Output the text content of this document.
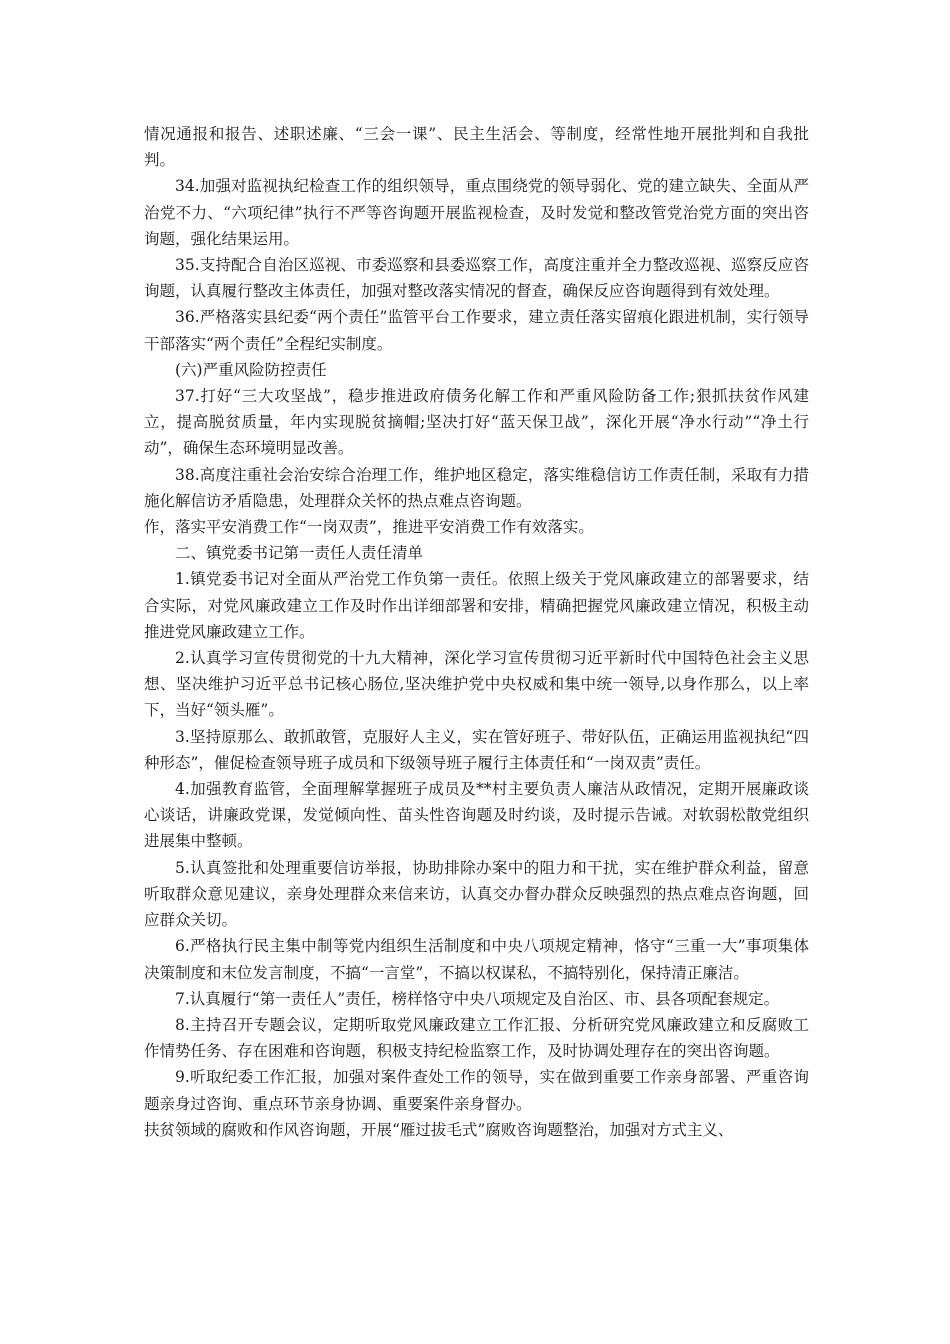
情况通报和报告、述职述廉、“三会一课”、民主生活会、等制度，经常性地开展批判和自我批判。

34.加强对监视执纪检查工作的组织领导，重点围绕党的领导弱化、党的建立缺失、全面从严治党不力、“六项纪律”执行不严等咨询题开展监视检查，及时发觉和整改管党治党方面的突出咨询题，强化结果运用。

35.支持配合自治区巡视、市委巡察和县委巡察工作，高度注重并全力整改巡视、巡察反应咨询题，认真履行整改主体责任，加强对整改落实情况的督查，确保反应咨询题得到有效处理。

36.严格落实县纪委“两个责任”监管平台工作要求，建立责任落实留痕化跟进机制，实行领导干部落实“两个责任”全程纪实制度。

(六)严重风险防控责任

37.打好“三大攻坚战”，稳步推进政府债务化解工作和严重风险防备工作;狠抓扶贫作风建立，提高脱贫质量，年内实现脱贫摘帽;坚决打好“蓝天保卫战”，深化开展“净水行动”“净土行动”，确保生态环境明显改善。

38.高度注重社会治安综合治理工作，维护地区稳定，落实维稳信访工作责任制，采取有力措施化解信访矛盾隐患，处理群众关怀的热点难点咨询题。

作，落实平安消费工作“一岗双责”，推进平安消费工作有效落实。

二、镇党委书记第一责任人责任清单

1.镇党委书记对全面从严治党工作负第一责任。依照上级关于党风廉政建立的部署要求，结合实际，对党风廉政建立工作及时作出详细部署和安排，精确把握党风廉政建立情况，积极主动推进党风廉政建立工作。

2.认真学习宣传贯彻党的十九大精神，深化学习宣传贯彻习近平新时代中国特色社会主义思想、坚决维护习近平总书记核心肠位,坚决维护党中央权威和集中统一领导,以身作那么，以上率下，当好“领头雁”。

3.坚持原那么、敢抓敢管，克服好人主义，实在管好班子、带好队伍，正确运用监视执纪“四种形态”，催促检查领导班子成员和下级领导班子履行主体责任和“一岗双责”责任。

4.加强教育监管，全面理解掌握班子成员及**村主要负责人廉洁从政情况，定期开展廉政谈心谈话，讲廉政党课，发觉倾向性、苗头性咨询题及时约谈，及时提示告诫。对软弱松散党组织进展集中整顿。

5.认真签批和处理重要信访举报，协助排除办案中的阻力和干扰，实在维护群众利益，留意听取群众意见建议，亲身处理群众来信来访，认真交办督办群众反映强烈的热点难点咨询题，回应群众关切。

6.严格执行民主集中制等党内组织生活制度和中央八项规定精神，恪守“三重一大”事项集体决策制度和末位发言制度，不搞“一言堂”，不搞以权谋私，不搞特别化，保持清正廉洁。

7.认真履行“第一责任人”责任，榜样恪守中央八项规定及自治区、市、县各项配套规定。

8.主持召开专题会议，定期听取党风廉政建立工作汇报、分析研究党风廉政建立和反腐败工作情势任务、存在困难和咨询题，积极支持纪检监察工作，及时协调处理存在的突出咨询题。

9.听取纪委工作汇报，加强对案件查处工作的领导，实在做到重要工作亲身部署、严重咨询题亲身过咨询、重点环节亲身协调、重要案件亲身督办。

扶贫领域的腐败和作风咨询题，开展“雁过拔毛式”腐败咨询题整治，加强对方式主义、
